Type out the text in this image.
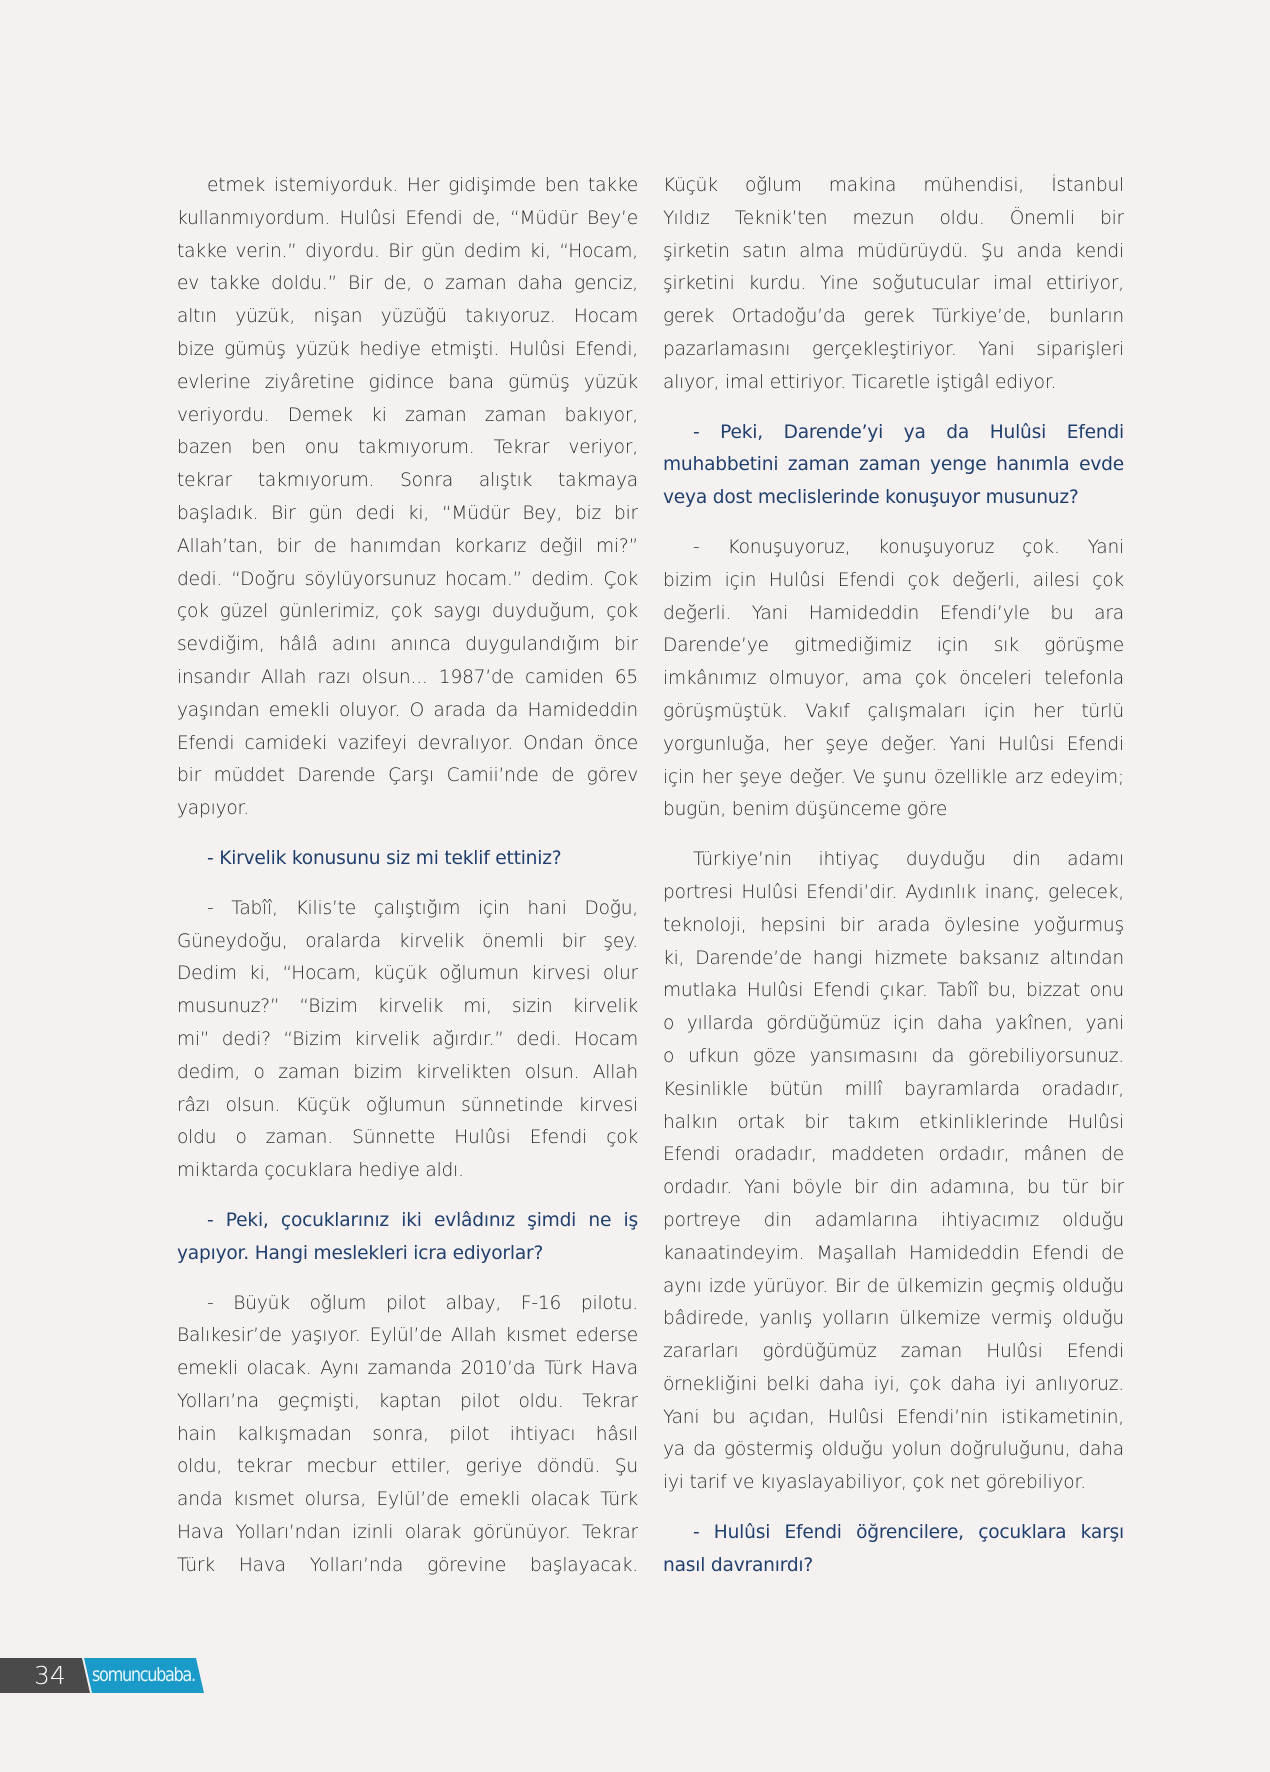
etmek istemiyorduk. Her gidişimde ben takke
kullanmıyordum. Hulûsi Efendi de, “Müdür Bey’e
takke verin.” diyordu. Bir gün dedim ki, “Hocam,
ev takke doldu.” Bir de, o zaman daha genciz,
altın yüzük, nişan yüzüğü takıyoruz. Hocam
bize gümüş yüzük hediye etmişti. Hulûsi Efendi,
evlerine ziyâretine gidince bana gümüş yüzük
veriyordu. Demek ki zaman zaman bakıyor,
bazen ben onu takmıyorum. Tekrar veriyor,
tekrar takmıyorum. Sonra alıştık takmaya
başladık. Bir gün dedi ki, “Müdür Bey, biz bir
Allah’tan, bir de hanımdan korkarız değil mi?”
dedi. “Doğru söylüyorsunuz hocam.” dedim. Çok
çok güzel günlerimiz, çok saygı duyduğum, çok
sevdiğim, hâlâ adını anınca duygulandığım bir
insandır Allah razı olsun... 1987’de camiden 65
yaşından emekli oluyor. O arada da Hamideddin
Efendi camideki vazifeyi devralıyor. Ondan önce
bir müddet Darende Çarşı Camii’nde de görev
yapıyor.
- Kirvelik konusunu siz mi teklif ettiniz?
- Tabîî, Kilis’te çalıştığım için hani Doğu,
Güneydoğu, oralarda kirvelik önemli bir şey.
Dedim ki, “Hocam, küçük oğlumun kirvesi olur
musunuz?” “Bizim kirvelik mi, sizin kirvelik
mi” dedi? “Bizim kirvelik ağırdır.” dedi. Hocam
dedim, o zaman bizim kirvelikten olsun. Allah
râzı olsun. Küçük oğlumun sünnetinde kirvesi
oldu o zaman. Sünnette Hulûsi Efendi çok
miktarda çocuklara hediye aldı.
- Peki, çocuklarınız iki evlâdınız şimdi ne iş
yapıyor. Hangi meslekleri icra ediyorlar?
- Büyük oğlum pilot albay, F-16 pilotu.
Balıkesir’de yaşıyor. Eylül’de Allah kısmet ederse
emekli olacak. Aynı zamanda 2010’da Türk Hava
Yolları’na geçmişti, kaptan pilot oldu. Tekrar
hain kalkışmadan sonra, pilot ihtiyacı hâsıl
oldu, tekrar mecbur ettiler, geriye döndü. Şu
anda kısmet olursa, Eylül’de emekli olacak Türk
Hava Yolları’ndan izinli olarak görünüyor. Tekrar
Türk Hava Yolları’nda görevine başlayacak.
Küçük oğlum makina mühendisi, İstanbul
Yıldız Teknik’ten mezun oldu. Önemli bir
şirketin satın alma müdürüydü. Şu anda kendi
şirketini kurdu. Yine soğutucular imal ettiriyor,
gerek Ortadoğu’da gerek Türkiye’de, bunların
pazarlamasını gerçekleştiriyor. Yani siparişleri
alıyor, imal ettiriyor. Ticaretle iştigâl ediyor.
- Peki, Darende’yi ya da Hulûsi Efendi
muhabbetini zaman zaman yenge hanımla evde
veya dost meclislerinde konuşuyor musunuz?
- Konuşuyoruz, konuşuyoruz çok. Yani
bizim için Hulûsi Efendi çok değerli, ailesi çok
değerli. Yani Hamideddin Efendi’yle bu ara
Darende’ye gitmediğimiz için sık görüşme
imkânımız olmuyor, ama çok önceleri telefonla
görüşmüştük. Vakıf çalışmaları için her türlü
yorgunluğa, her şeye değer. Yani Hulûsi Efendi
için her şeye değer. Ve şunu özellikle arz edeyim;
bugün, benim düşünceme göre
Türkiye’nin ihtiyaç duyduğu din adamı
portresi Hulûsi Efendi’dir. Aydınlık inanç, gelecek,
teknoloji, hepsini bir arada öylesine yoğurmuş
ki, Darende’de hangi hizmete baksanız altından
mutlaka Hulûsi Efendi çıkar. Tabîî bu, bizzat onu
o yıllarda gördüğümüz için daha yakînen, yani
o ufkun göze yansımasını da görebiliyorsunuz.
Kesinlikle bütün millî bayramlarda oradadır,
halkın ortak bir takım etkinliklerinde Hulûsi
Efendi oradadır, maddeten ordadır, mânen de
ordadır. Yani böyle bir din adamına, bu tür bir
portreye din adamlarına ihtiyacımız olduğu
kanaatindeyim. Maşallah Hamideddin Efendi de
aynı izde yürüyor. Bir de ülkemizin geçmiş olduğu
bâdirede, yanlış yolların ülkemize vermiş olduğu
zararları gördüğümüz zaman Hulûsi Efendi
örnekliğini belki daha iyi, çok daha iyi anlıyoruz.
Yani bu açıdan, Hulûsi Efendi’nin istikametinin,
ya da göstermiş olduğu yolun doğruluğunu, daha
iyi tarif ve kıyaslayabiliyor, çok net görebiliyor.
- Hulûsi Efendi öğrencilere, çocuklara karşı
nasıl davranırdı?
34 somuncubaba.
